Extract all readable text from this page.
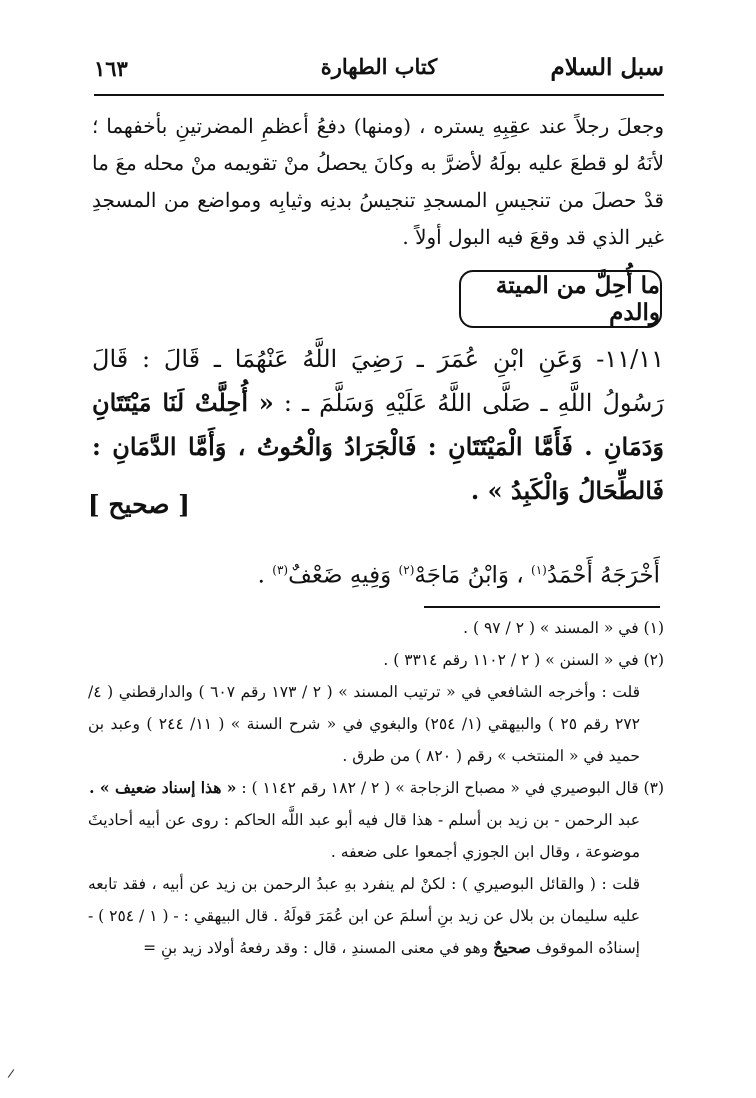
١٦٣	كتاب الطهارة	سبل السلام
وجعلَ رجلاً عند عقِبِهِ يستره ، (ومنها) دفعُ أعظمِ المضرتينِ بأخفهما ؛ لأنَهُ لو قطعَ عليه بولَهُ لأضرَّ به وكانَ يحصلُ منْ تقويمه منْ محله معَ ما قدْ حصلَ من تنجيسِ المسجدِ تنجيسُ بدنِه وثيابِه ومواضع من المسجدِ غير الذي قد وقعَ فيه البول أولاً .
ما أُحِلَّ من الميتة والدم
١١/١١- وَعَنِ ابْنِ عُمَرَ ـ رَضِيَ اللَّهُ عَنْهُمَا ـ قَالَ : قَالَ رَسُولُ اللَّهِ ـ صَلَّى اللَّهُ عَلَيْهِ وَسَلَّمَ ـ : « أُحِلَّتْ لَنَا مَيْتَتَانِ وَدَمَانِ . فَأَمَّا الْمَيْتَتَانِ : فَالْجَرَادُ وَالْحُوتُ ، وَأَمَّا الدَّمَانِ : فَالطِّحَالُ وَالْكَبِدُ » .
[ صحيح ]
أَخْرَجَهُ أَحْمَدُ$^{(١)}$ ، وَابْنُ مَاجَهْ$^{(٢)}$ وَفِيهِ ضَعْفٌ$^{(٣)}$ .

(١) في « المسند » ( ٢ / ٩٧ ) .

(٢) في « السنن » ( ٢ / ١١٠٢ رقم ٣٣١٤ ) .

قلت : وأخرجه الشافعي في « ترتيب المسند » ( ٢ / ١٧٣ رقم ٦٠٧ ) والدارقطني ( ٤/ ٢٧٢ رقم ٢٥ ) والبيهقي (١/ ٢٥٤) والبغوي في « شرح السنة » ( ١١/ ٢٤٤ ) وعبد بن حميد في « المنتخب » رقم ( ٨٢٠ ) من طرق .

(٣) قال البوصيري في « مصباح الزجاجة » ( ٢ / ١٨٢ رقم ١١٤٢ ) : « هذا إسناد ضعيف » .

عبد الرحمن - بن زيد بن أسلم - هذا قال فيه أبو عبد اللَّه الحاكم : روى عن أبيه أحاديثَ موضوعة ، وقال ابن الجوزي أجمعوا على ضعفه .

قلت : ( والقائل البوصيري ) : لكنْ لم ينفرد بهِ عبدُ الرحمن بن زيد عن أبيه ، فقد تابعه عليه سليمان بن بلال عن زيد بنِ أسلمَ عن ابن عُمَرَ قولَهُ . قال البيهقي : - ( ١ / ٢٥٤ ) - إسنادُه الموقوف صحيحٌ وهو في معنى المسندِ ، قال : وقد رفعهُ أولاد زيد بنِ =
